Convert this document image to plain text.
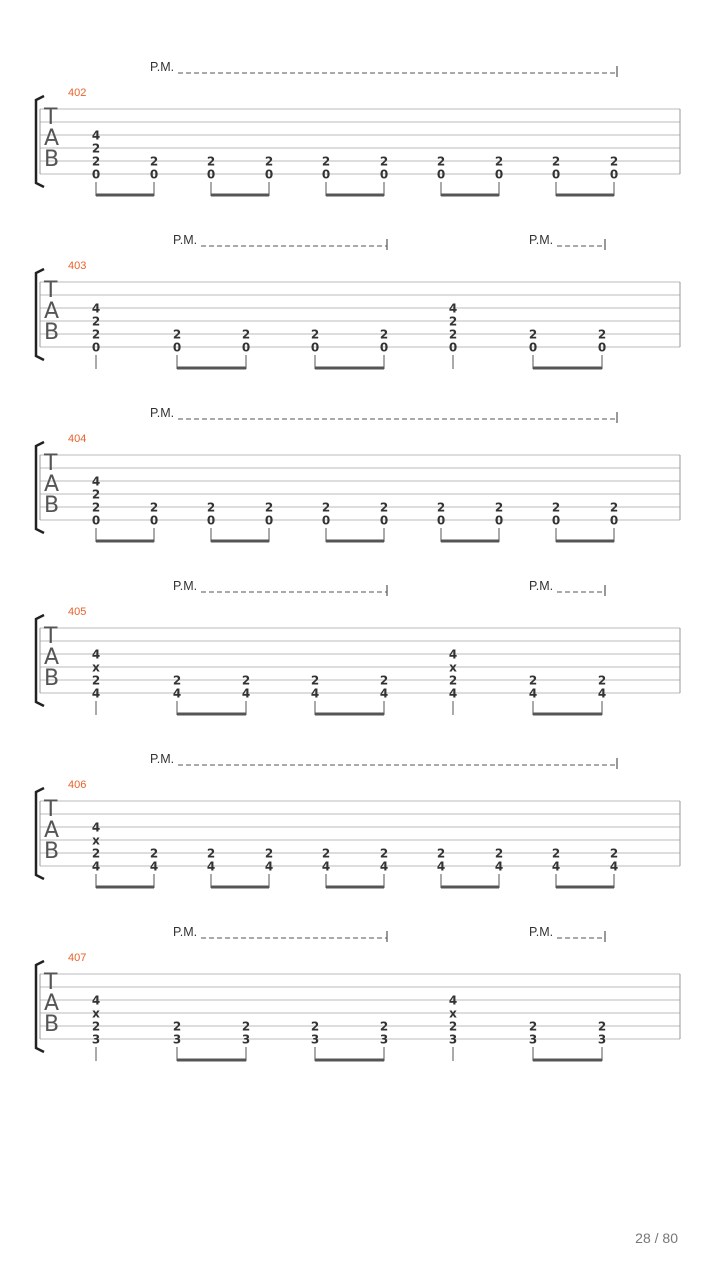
T
A
B
402
P.M.
4
2
2
0
2
0
2
0
2
0
2
0
2
0
2
0
2
0
2
0
2
0
T
A
B
403
P.M.	P.M.
4
2
2
0
2
0
2
0
2
0
2
0
4
2
2
0
2
0
2
0
T
A
B
404
P.M.
4
2
2
0
2
0
2
0
2
0
2
0
2
0
2
0
2
0
2
0
2
0
T
A
B
405
P.M.	P.M.
4
x
2
4
2
4
2
4
2
4
2
4
4
x
2
4
2
4
2
4
T
A
B
406
P.M.
4
x
2
4
2
4
2
4
2
4
2
4
2
4
2
4
2
4
2
4
2
4
T
A
B
407
P.M.	P.M.
4
x
2
3
2
3
2
3
2
3
2
3
4
x
2
3
2
3
2
3
28 / 80
